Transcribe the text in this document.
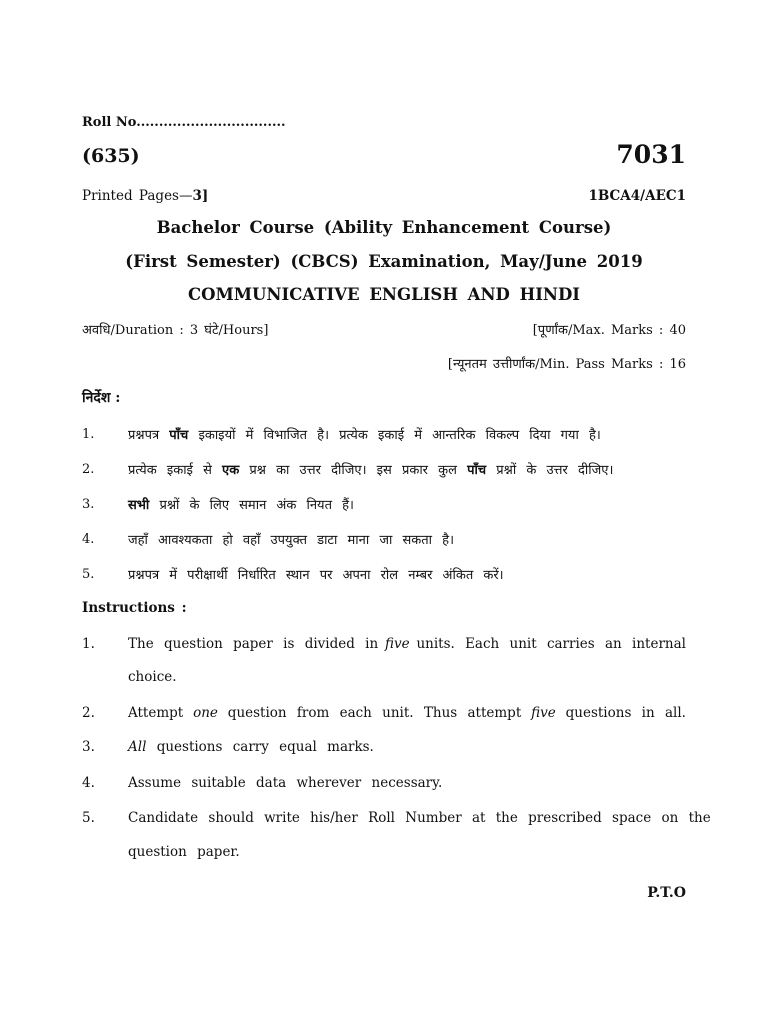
Roll No.................................
(635)	7031
Printed Pages—3]	1BCA4/AEC1
Bachelor Course (Ability Enhancement Course)
(First Semester) (CBCS) Examination, May/June 2019
COMMUNICATIVE ENGLISH AND HINDI
अवधि/Duration : 3 घंटे/Hours]	[पूर्णांक/Max. Marks : 40
[न्यूनतम उत्तीर्णांक/Min. Pass Marks : 16
निर्देश :
1.	प्रश्नपत्र पाँच इकाइयों में विभाजित है। प्रत्येक इकाई में आन्तरिक विकल्प दिया गया है।
2.	प्रत्येक इकाई से एक प्रश्न का उत्तर दीजिए। इस प्रकार कुल पाँच प्रश्नों के उत्तर दीजिए।
3.	सभी प्रश्नों के लिए समान अंक नियत हैं।
4.	जहाँ आवश्यकता हो वहाँ उपयुक्त डाटा माना जा सकता है।
5.	प्रश्नपत्र में परीक्षार्थी निर्धारित स्थान पर अपना रोल नम्बर अंकित करें।
Instructions :
1. The question paper is divided in five units. Each unit carries an internal
choice.
2. Attempt one question from each unit. Thus attempt five questions in all.
3. All questions carry equal marks.
4. Assume suitable data wherever necessary.
5. Candidate should write his/her Roll Number at the prescribed space on the
question paper.
P.T.O
